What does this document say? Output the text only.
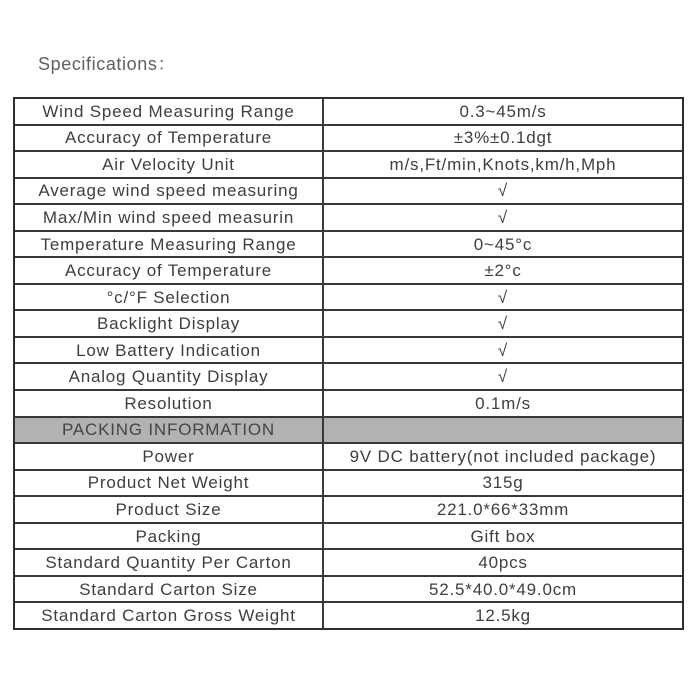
Specifications：
Wind Speed Measuring Range	0.3~45m/s
Accuracy of Temperature	±3%±0.1dgt
Air Velocity Unit	m/s,Ft/min,Knots,km/h,Mph
Average wind speed measuring	√
Max/Min wind speed measurin	√
Temperature Measuring Range	0~45°c
Accuracy of Temperature	±2°c
°c/°F Selection	√
Backlight Display	√
Low Battery Indication	√
Analog Quantity Display	√
Resolution	0.1m/s
PACKING INFORMATION
Power	9V DC battery(not included package)
Product Net Weight	315g
Product Size	221.0*66*33mm
Packing	Gift box
Standard Quantity Per Carton	40pcs
Standard Carton Size	52.5*40.0*49.0cm
Standard Carton Gross Weight	12.5kg
